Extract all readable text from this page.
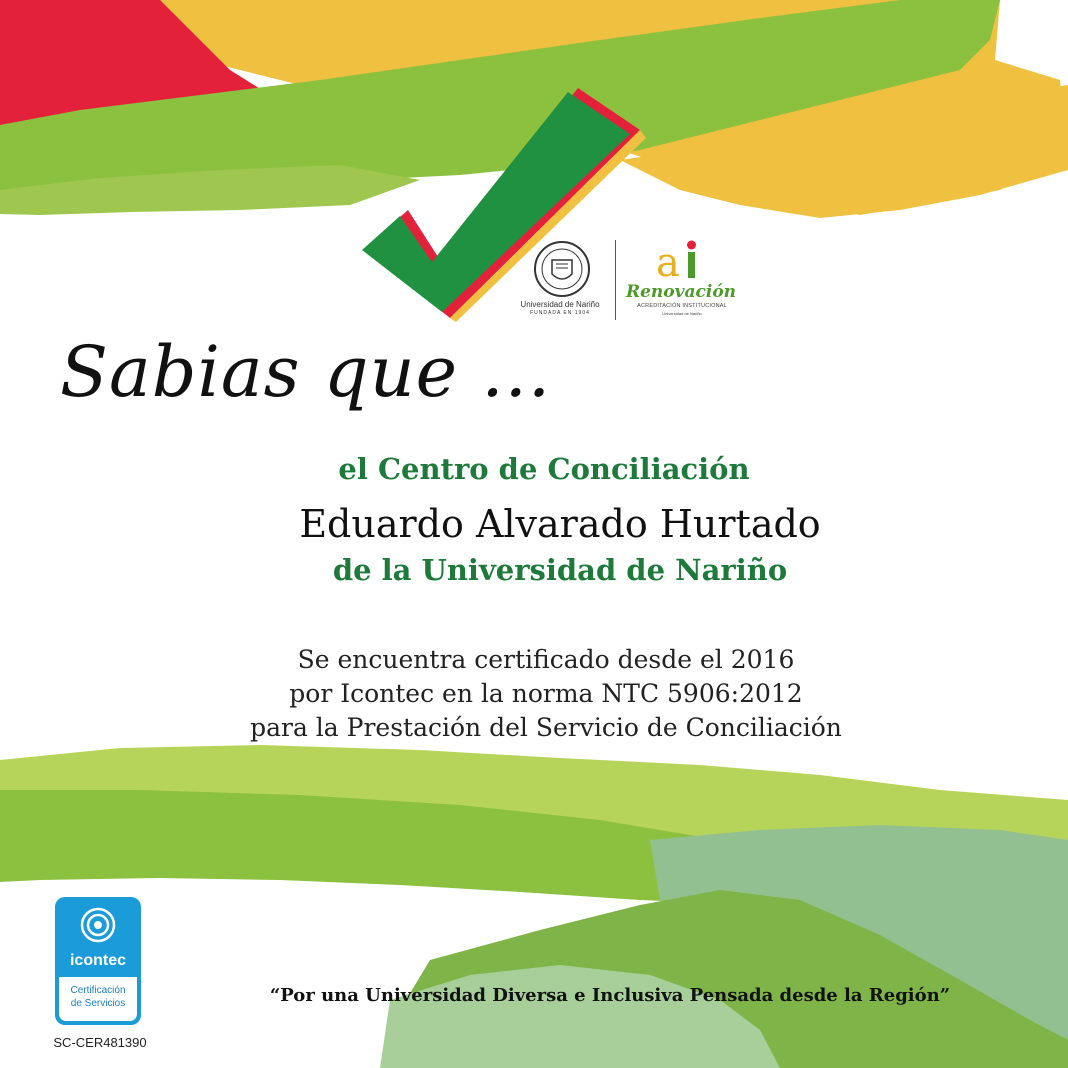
Universidad de Nariño
FUNDADA EN 1904
a
Renovación
ACREDITACIÓN INSTITUCIONAL
Universidad de Nariño
Sabias que ...
el Centro de Conciliación
Eduardo Alvarado Hurtado
de la Universidad de Nariño
Se encuentra certificado desde el 2016
por Icontec en la norma NTC 5906:2012
para la Prestación del Servicio de Conciliación
icontec
Certificación
de Servicios
SC-CER481390
“Por una Universidad Diversa e Inclusiva Pensada desde la Región”
